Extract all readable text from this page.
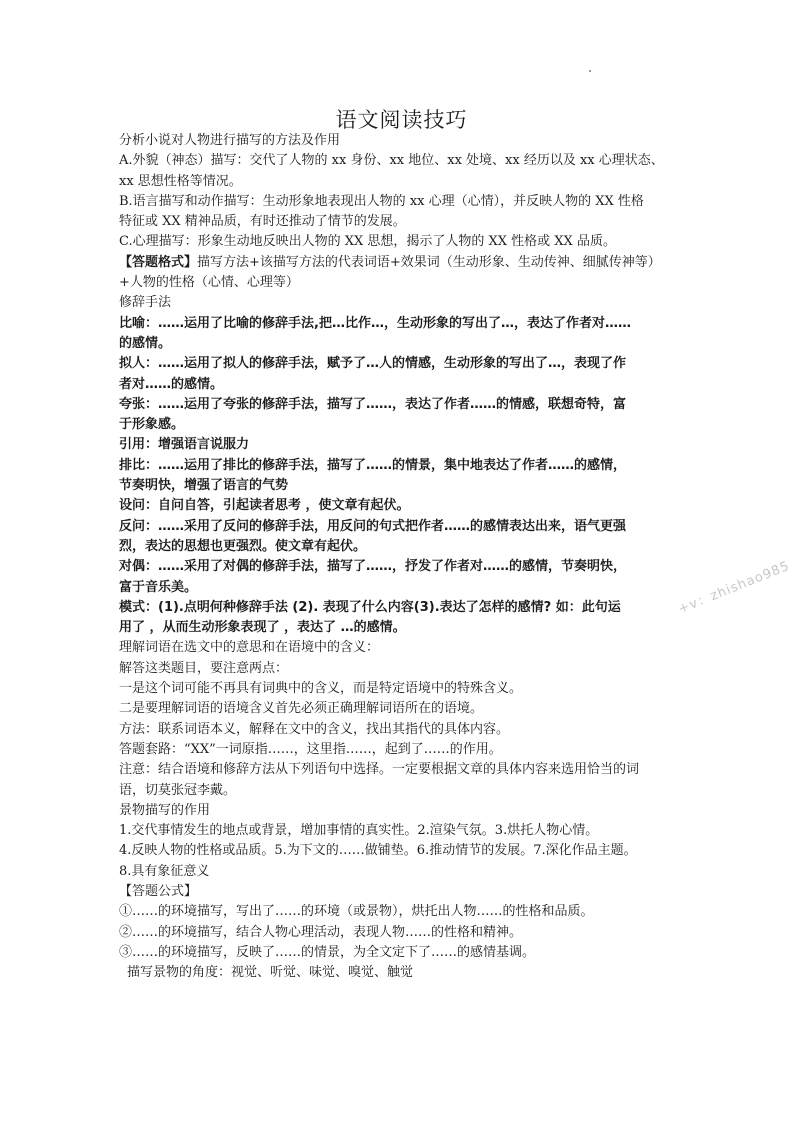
语文阅读技巧
分析小说对人物进行描写的方法及作用
A.外貌（神态）描写：交代了人物的 xx 身份、xx 地位、xx 处境、xx 经历以及 xx 心理状态、
xx 思想性格等情况。
B.语言描写和动作描写：生动形象地表现出人物的 xx 心理（心情），并反映人物的 XX 性格
特征或 XX 精神品质，有时还推动了情节的发展。
C.心理描写：形象生动地反映出人物的 XX 思想，揭示了人物的 XX 性格或 XX 品质。
【答题格式】描写方法+该描写方法的代表词语+效果词（生动形象、生动传神、细腻传神等）
+人物的性格（心情、心理等）
修辞手法
比喻：……运用了比喻的修辞手法,把…比作…，生动形象的写出了…，表达了作者对……
的感情。
拟人：……运用了拟人的修辞手法，赋予了…人的情感，生动形象的写出了…，表现了作
者对……的感情。
夸张：……运用了夸张的修辞手法，描写了……，表达了作者……的情感，联想奇特，富
于形象感。
引用：增强语言说服力
排比：……运用了排比的修辞手法，描写了……的情景，集中地表达了作者……的感情，
节奏明快，增强了语言的气势
设问：自问自答，引起读者思考 ，使文章有起伏。
反问：……采用了反问的修辞手法，用反问的句式把作者……的感情表达出来，语气更强
烈，表达的思想也更强烈。使文章有起伏。
对偶：……采用了对偶的修辞手法，描写了……，抒发了作者对……的感情，节奏明快，
富于音乐美。
模式：(1).点明何种修辞手法 (2). 表现了什么内容(3).表达了怎样的感情? 如：此句运
用了 ，从而生动形象表现了 ，表达了 …的感情。
理解词语在选文中的意思和在语境中的含义：
解答这类题目，要注意两点：
一是这个词可能不再具有词典中的含义，而是特定语境中的特殊含义。
二是要理解词语的语境含义首先必须正确理解词语所在的语境。
方法：联系词语本义，解释在文中的含义，找出其指代的具体内容。
答题套路：“XX”一词原指……，这里指……，起到了……的作用。
注意：结合语境和修辞方法从下列语句中选择。一定要根据文章的具体内容来选用恰当的词
语，切莫张冠李戴。
景物描写的作用
1.交代事情发生的地点或背景，增加事情的真实性。2.渲染气氛。3.烘托人物心情。
4.反映人物的性格或品质。5.为下文的……做铺垫。6.推动情节的发展。7.深化作品主题。
8.具有象征意义
【答题公式】
①……的环境描写，写出了……的环境（或景物），烘托出人物……的性格和品质。
②……的环境描写，结合人物心理活动，表现人物……的性格和精神。
③……的环境描写，反映了……的情景，为全文定下了……的感情基调。
描写景物的角度：视觉、听觉、味觉、嗅觉、触觉
+v：zhishao985
